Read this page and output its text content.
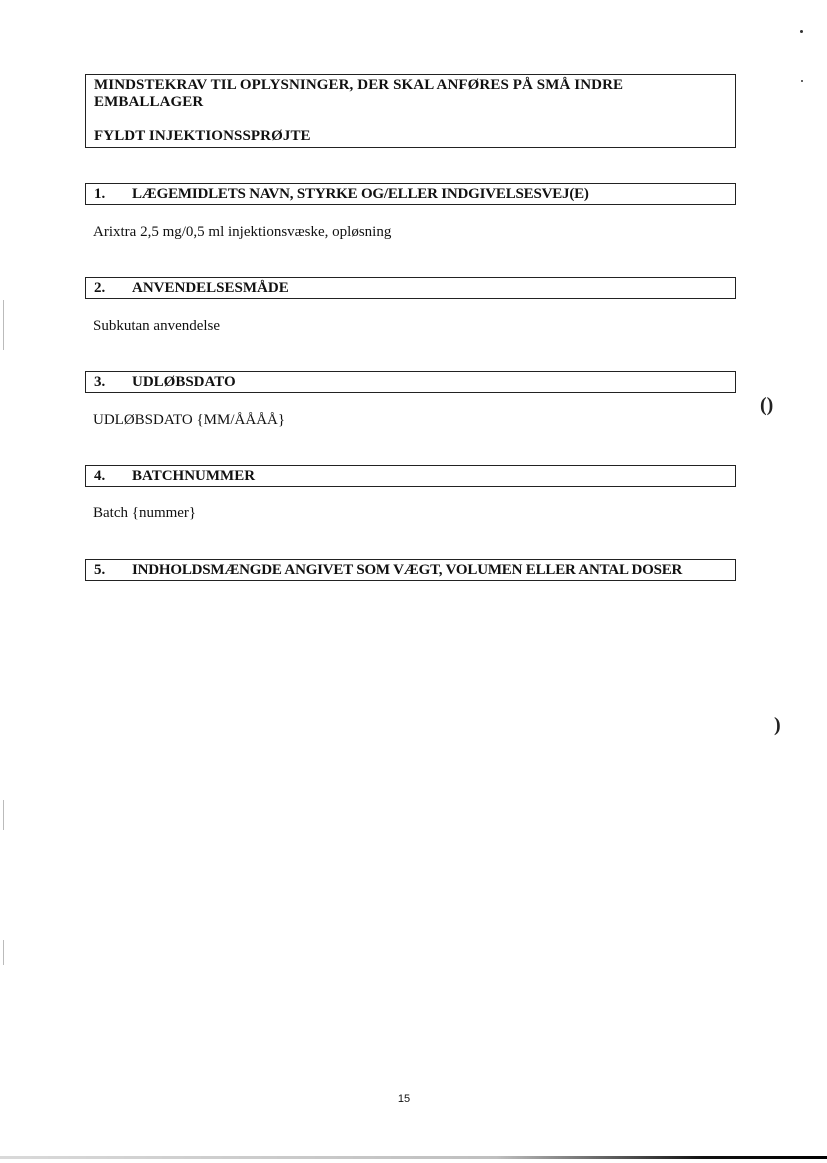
MINDSTEKRAV TIL OPLYSNINGER, DER SKAL ANFØRES PÅ SMÅ INDRE
EMBALLAGER
FYLDT INJEKTIONSSPRØJTE
1. LÆGEMIDLETS NAVN, STYRKE OG/ELLER INDGIVELSESVEJ(E)
Arixtra 2,5 mg/0,5 ml injektionsvæske, opløsning
2. ANVENDELSESMÅDE
Subkutan anvendelse
3. UDLØBSDATO
UDLØBSDATO {MM/ÅÅÅÅ}
4. BATCHNUMMER
Batch {nummer}
5. INDHOLDSMÆNGDE ANGIVET SOM VÆGT, VOLUMEN ELLER ANTAL DOSER
15
()
)
